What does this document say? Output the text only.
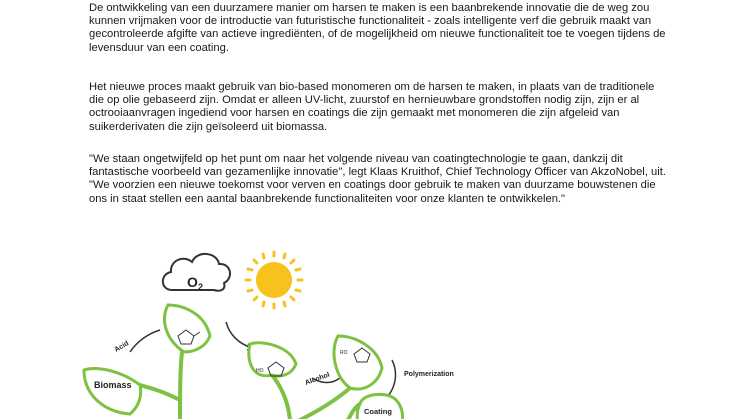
De ontwikkeling van een duurzamere manier om harsen te maken is een baanbrekende innovatie die de weg zou kunnen vrijmaken voor de introductie van futuristische functionaliteit - zoals intelligente verf die gebruik maakt van gecontroleerde afgifte van actieve ingrediënten, of de mogelijkheid om nieuwe functionaliteit toe te voegen tijdens de levensduur van een coating.

Het nieuwe proces maakt gebruik van bio-based monomeren om de harsen te maken, in plaats van de traditionele die op olie gebaseerd zijn. Omdat er alleen UV-licht, zuurstof en hernieuwbare grondstoffen nodig zijn, zijn er al octrooiaanvragen ingediend voor harsen en coatings die zijn gemaakt met monomeren die zijn afgeleid van suikerderivaten die zijn geïsoleerd uit biomassa.

"We staan ongetwijfeld op het punt om naar het volgende niveau van coatingtechnologie te gaan, dankzij dit fantastische voorbeeld van gezamenlijke innovatie", legt Klaas Kruithof, Chief Technology Officer van AkzoNobel, uit. "We voorzien een nieuwe toekomst voor verven en coatings door gebruik te maken van duurzame bouwstenen die ons in staat stellen een aantal baanbrekende functionaliteiten voor onze klanten te ontwikkelen."

O 2
Acid
Alcohol	Polymerization
Biomass
HO
RO
Coating
